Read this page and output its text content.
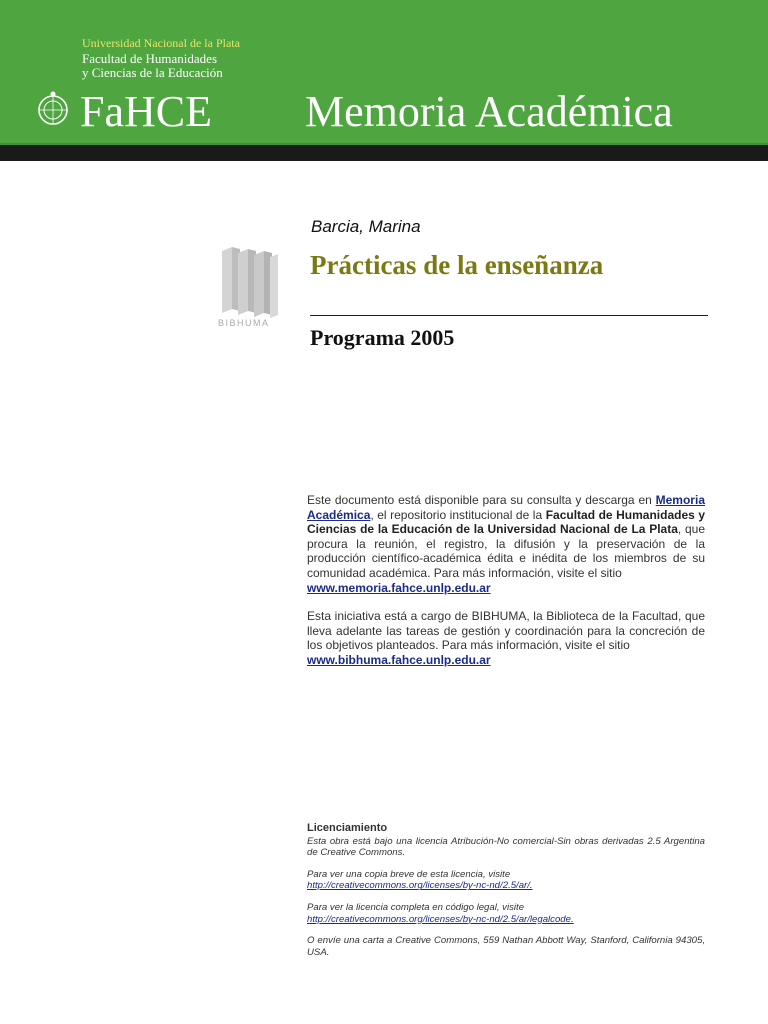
Universidad Nacional de la Plata
Facultad de Humanidades
y Ciencias de la Educación
FaHCE Memoria Académica
BIBHUMA
Barcia, Marina
Prácticas de la enseñanza
Programa 2005

Este documento está disponible para su consulta y descarga en Memoria Académica, el repositorio institucional de la Facultad de Humanidades y Ciencias de la Educación de la Universidad Nacional de La Plata, que procura la reunión, el registro, la difusión y la preservación de la producción científico-académica édita e inédita de los miembros de su comunidad académica. Para más información, visite el sitio
www.memoria.fahce.unlp.edu.ar

Esta iniciativa está a cargo de BIBHUMA, la Biblioteca de la Facultad, que lleva adelante las tareas de gestión y coordinación para la concreción de los objetivos planteados. Para más información, visite el sitio
www.bibhuma.fahce.unlp.edu.ar

Licenciamiento

Esta obra está bajo una licencia Atribución-No comercial-Sin obras derivadas 2.5 Argentina de Creative Commons.

Para ver una copia breve de esta licencia, visite
http://creativecommons.org/licenses/by-nc-nd/2.5/ar/.

Para ver la licencia completa en código legal, visite
http://creativecommons.org/licenses/by-nc-nd/2.5/ar/legalcode.

O envíe una carta a Creative Commons, 559 Nathan Abbott Way, Stanford, California 94305, USA.
